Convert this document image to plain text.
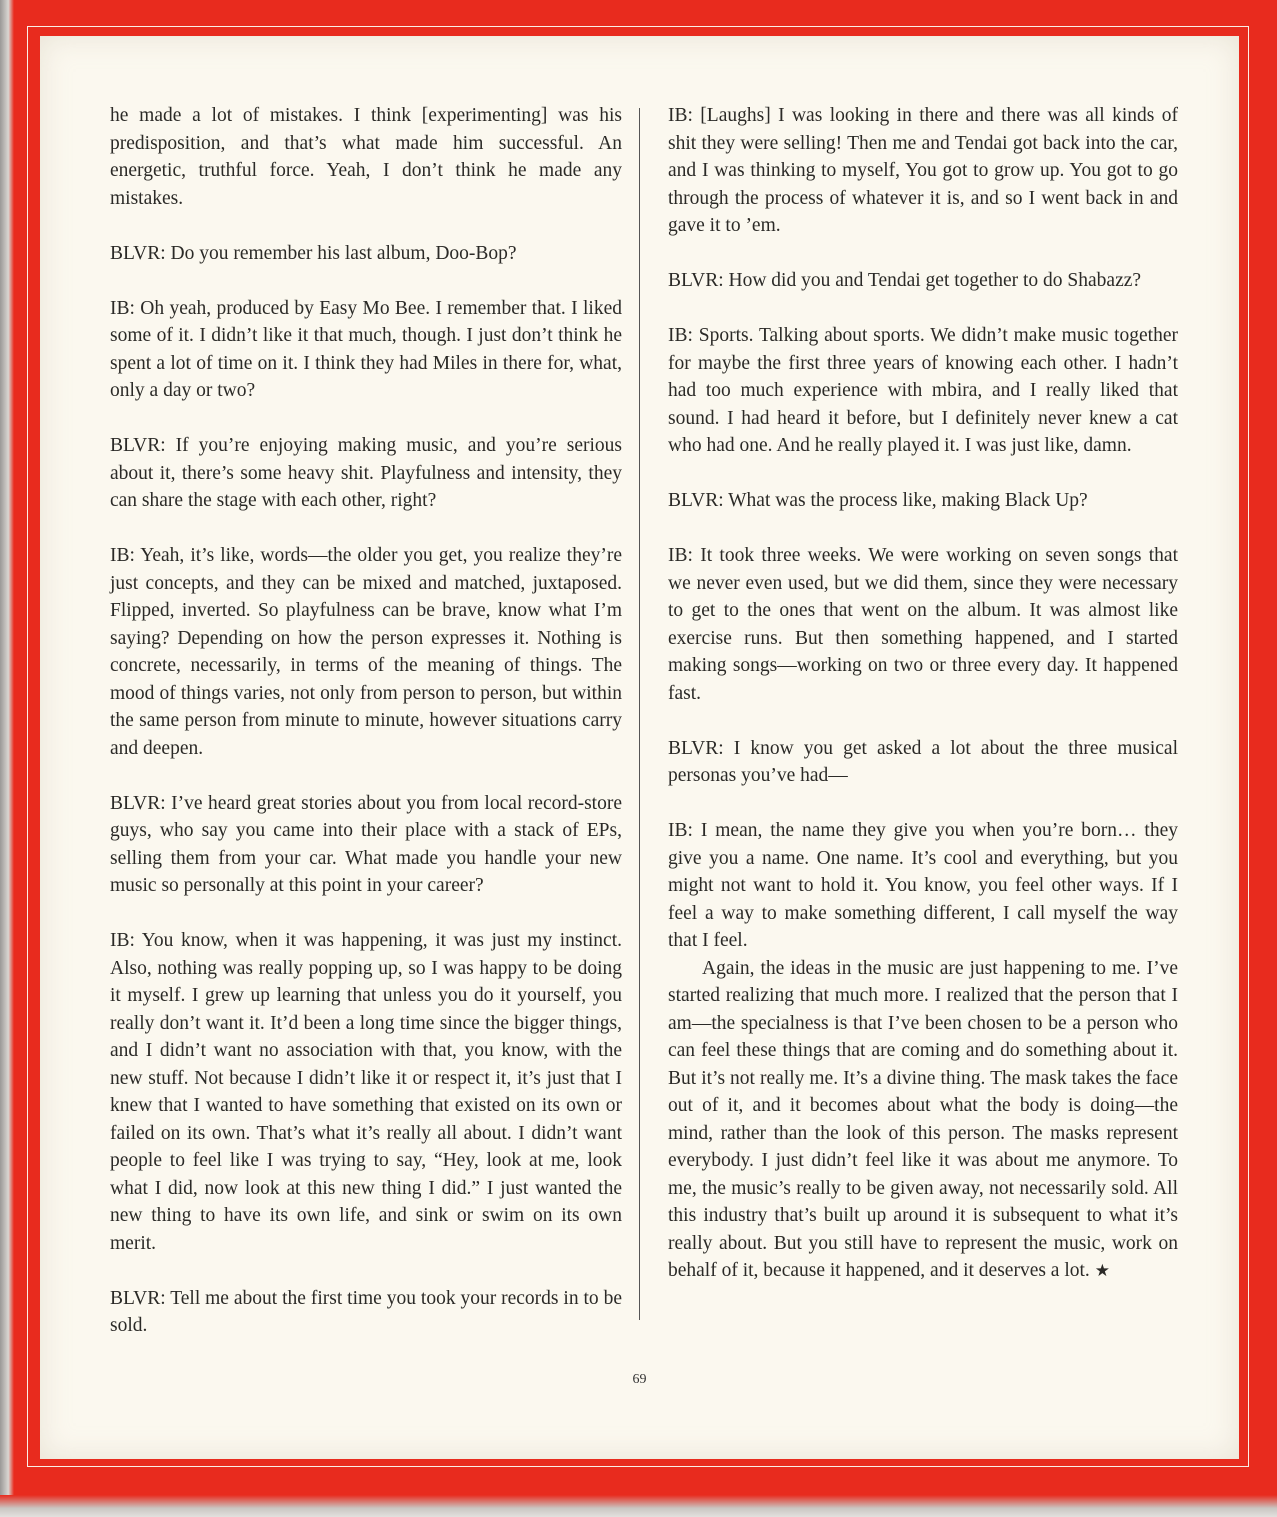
he made a lot of mistakes. I think [experimenting] was his predisposition, and that’s what made him successful. An energetic, truthful force. Yeah, I don’t think he made any mistakes.

BLVR: Do you remember his last album, Doo-Bop?

IB: Oh yeah, produced by Easy Mo Bee. I remember that. I liked some of it. I didn’t like it that much, though. I just don’t think he spent a lot of time on it. I think they had Miles in there for, what, only a day or two?

BLVR: If you’re enjoying making music, and you’re serious about it, there’s some heavy shit. Playfulness and intensity, they can share the stage with each other, right?

IB: Yeah, it’s like, words—the older you get, you realize they’re just concepts, and they can be mixed and matched, juxtaposed. Flipped, inverted. So playfulness can be brave, know what I’m saying? Depending on how the person expresses it. Nothing is concrete, necessarily, in terms of the meaning of things. The mood of things varies, not only from person to person, but within the same person from minute to minute, however situations carry and deepen.

BLVR: I’ve heard great stories about you from local record-store guys, who say you came into their place with a stack of EPs, selling them from your car. What made you handle your new music so personally at this point in your career?

IB: You know, when it was happening, it was just my instinct. Also, nothing was really popping up, so I was happy to be doing it myself. I grew up learning that unless you do it yourself, you really don’t want it. It’d been a long time since the bigger things, and I didn’t want no association with that, you know, with the new stuff. Not because I didn’t like it or respect it, it’s just that I knew that I wanted to have something that existed on its own or failed on its own. That’s what it’s really all about. I didn’t want people to feel like I was trying to say, “Hey, look at me, look what I did, now look at this new thing I did.” I just wanted the new thing to have its own life, and sink or swim on its own merit.

BLVR: Tell me about the first time you took your records in to be sold.

IB: [Laughs] I was looking in there and there was all kinds of shit they were selling! Then me and Tendai got back into the car, and I was thinking to myself, You got to grow up. You got to go through the process of whatever it is, and so I went back in and gave it to ’em.

BLVR: How did you and Tendai get together to do Shabazz?

IB: Sports. Talking about sports. We didn’t make music together for maybe the first three years of knowing each other. I hadn’t had too much experience with mbira, and I really liked that sound. I had heard it before, but I definitely never knew a cat who had one. And he really played it. I was just like, damn.

BLVR: What was the process like, making Black Up?

IB: It took three weeks. We were working on seven songs that we never even used, but we did them, since they were necessary to get to the ones that went on the album. It was almost like exercise runs. But then something happened, and I started making songs—working on two or three every day. It happened fast.

BLVR: I know you get asked a lot about the three musical personas you’ve had—

IB: I mean, the name they give you when you’re born… they give you a name. One name. It’s cool and everything, but you might not want to hold it. You know, you feel other ways. If I feel a way to make something different, I call myself the way that I feel.

Again, the ideas in the music are just happening to me. I’ve started realizing that much more. I realized that the person that I am—the specialness is that I’ve been chosen to be a person who can feel these things that are coming and do something about it. But it’s not really me. It’s a divine thing. The mask takes the face out of it, and it becomes about what the body is doing—the mind, rather than the look of this person. The masks represent everybody. I just didn’t feel like it was about me anymore. To me, the music’s really to be given away, not necessarily sold. All this industry that’s built up around it is subsequent to what it’s really about. But you still have to represent the music, work on behalf of it, because it happened, and it deserves a lot. ★

69
